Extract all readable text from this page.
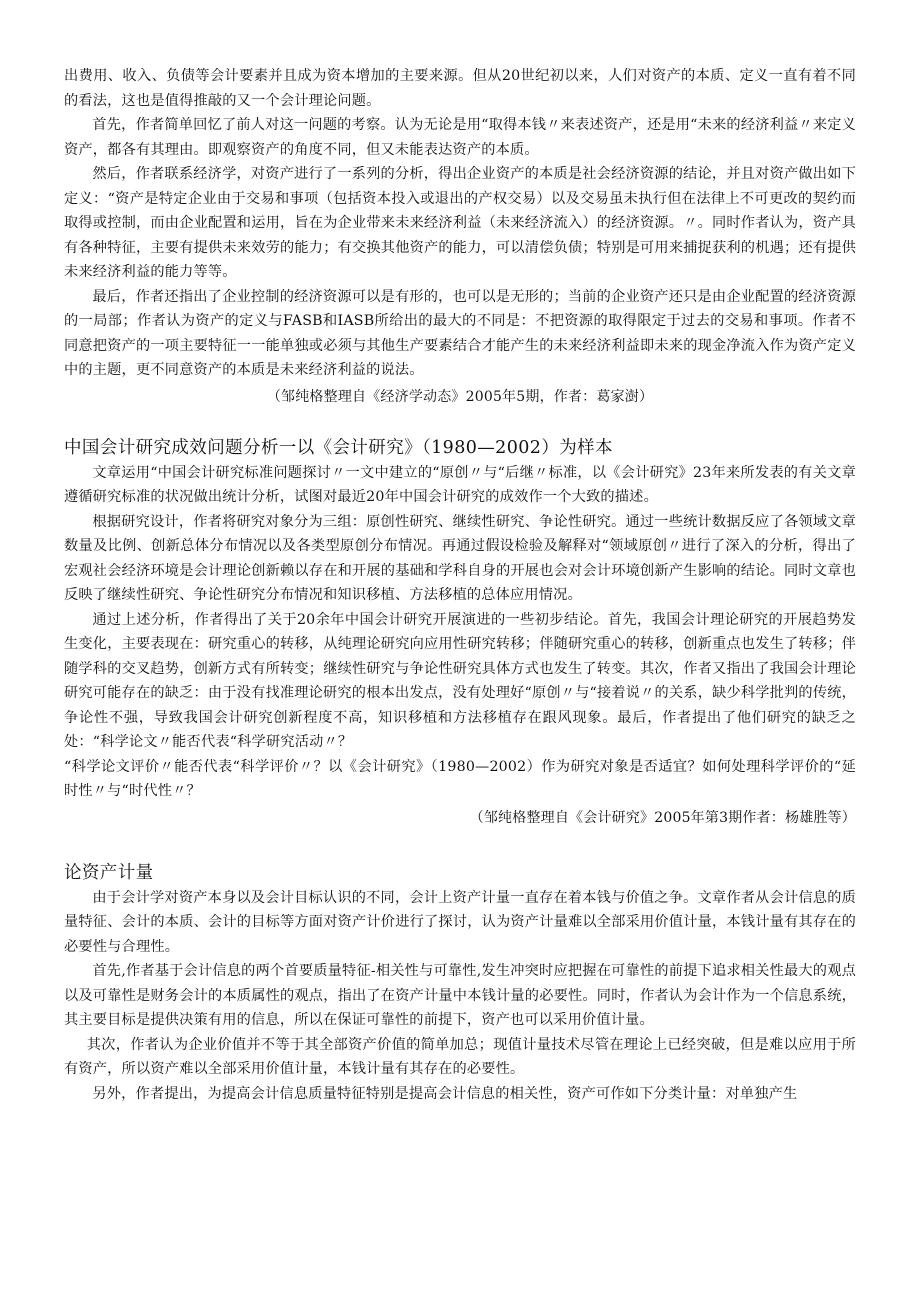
出费用、收入、负债等会计要素并且成为资本增加的主要来源。但从20世纪初以来，人们对资产的本质、定义一直有着不同的看法，这也是值得推敲的又一个会计理论问题。

首先，作者简单回忆了前人对这一问题的考察。认为无论是用“取得本钱〃来表述资产，还是用“未来的经济利益〃来定义资产，都各有其理由。即观察资产的角度不同，但又未能表达资产的本质。

然后，作者联系经济学，对资产进行了一系列的分析，得出企业资产的本质是社会经济资源的结论，并且对资产做出如下定义：“资产是特定企业由于交易和事项（包括资本投入或退出的产权交易）以及交易虽未执行但在法律上不可更改的契约而取得或控制，而由企业配置和运用，旨在为企业带来未来经济利益（未来经济流入）的经济资源。〃。同时作者认为，资产具有各种特征，主要有提供未来效劳的能力；有交换其他资产的能力，可以清偿负债；特别是可用来捕捉获利的机遇；还有提供未来经济利益的能力等等。

最后，作者还指出了企业控制的经济资源可以是有形的，也可以是无形的；当前的企业资产还只是由企业配置的经济资源的一局部；作者认为资产的定义与FASB和IASB所给出的最大的不同是：不把资源的取得限定于过去的交易和事项。作者不同意把资产的一项主要特征一一能单独或必须与其他生产要素结合才能产生的未来经济利益即未来的现金净流入作为资产定义中的主题，更不同意资产的本质是未来经济利益的说法。

（邹纯格整理自《经济学动态》2005年5期，作者：葛家澍）

中国会计研究成效问题分析一以《会计研究》（1980—2002）为样本

文章运用“中国会计研究标准问题探讨〃一文中建立的“原创〃与“后继〃标准，以《会计研究》23年来所发表的有关文章遵循研究标准的状况做出统计分析，试图对最近20年中国会计研究的成效作一个大致的描述。

根据研究设计，作者将研究对象分为三组：原创性研究、继续性研究、争论性研究。通过一些统计数据反应了各领域文章数量及比例、创新总体分布情况以及各类型原创分布情况。再通过假设检验及解释对“领域原创〃进行了深入的分析，得出了宏观社会经济环境是会计理论创新赖以存在和开展的基础和学科自身的开展也会对会计环境创新产生影响的结论。同时文章也反映了继续性研究、争论性研究分布情况和知识移植、方法移植的总体应用情况。

通过上述分析，作者得出了关于20余年中国会计研究开展演进的一些初步结论。首先，我国会计理论研究的开展趋势发生变化，主要表现在：研究重心的转移，从纯理论研究向应用性研究转移；伴随研究重心的转移，创新重点也发生了转移；伴随学科的交叉趋势，创新方式有所转变；继续性研究与争论性研究具体方式也发生了转变。其次，作者又指出了我国会计理论研究可能存在的缺乏：由于没有找准理论研究的根本出发点，没有处理好“原创〃与“接着说〃的关系，缺少科学批判的传统，争论性不强，导致我国会计研究创新程度不高，知识移植和方法移植存在跟风现象。最后，作者提出了他们研究的缺乏之处：“科学论文〃能否代表“科学研究活动〃？

“科学论文评价〃能否代表“科学评价〃？以《会计研究》（1980—2002）作为研究对象是否适宜？如何处理科学评价的“延时性〃与“时代性〃？

（邹纯格整理自《会计研究》2005年第3期作者：杨雄胜等）

论资产计量

由于会计学对资产本身以及会计目标认识的不同，会计上资产计量一直存在着本钱与价值之争。文章作者从会计信息的质量特征、会计的本质、会计的目标等方面对资产计价进行了探讨，认为资产计量难以全部采用价值计量，本钱计量有其存在的必要性与合理性。

首先,作者基于会计信息的两个首要质量特征-相关性与可靠性,发生冲突时应把握在可靠性的前提下追求相关性最大的观点以及可靠性是财务会计的本质属性的观点，指出了在资产计量中本钱计量的必要性。同时，作者认为会计作为一个信息系统，其主要目标是提供决策有用的信息，所以在保证可靠性的前提下，资产也可以采用价值计量。

其次，作者认为企业价值并不等于其全部资产价值的简单加总；现值计量技术尽管在理论上已经突破，但是难以应用于所有资产，所以资产难以全部采用价值计量，本钱计量有其存在的必要性。

另外，作者提出，为提高会计信息质量特征特别是提高会计信息的相关性，资产可作如下分类计量：对单独产生
